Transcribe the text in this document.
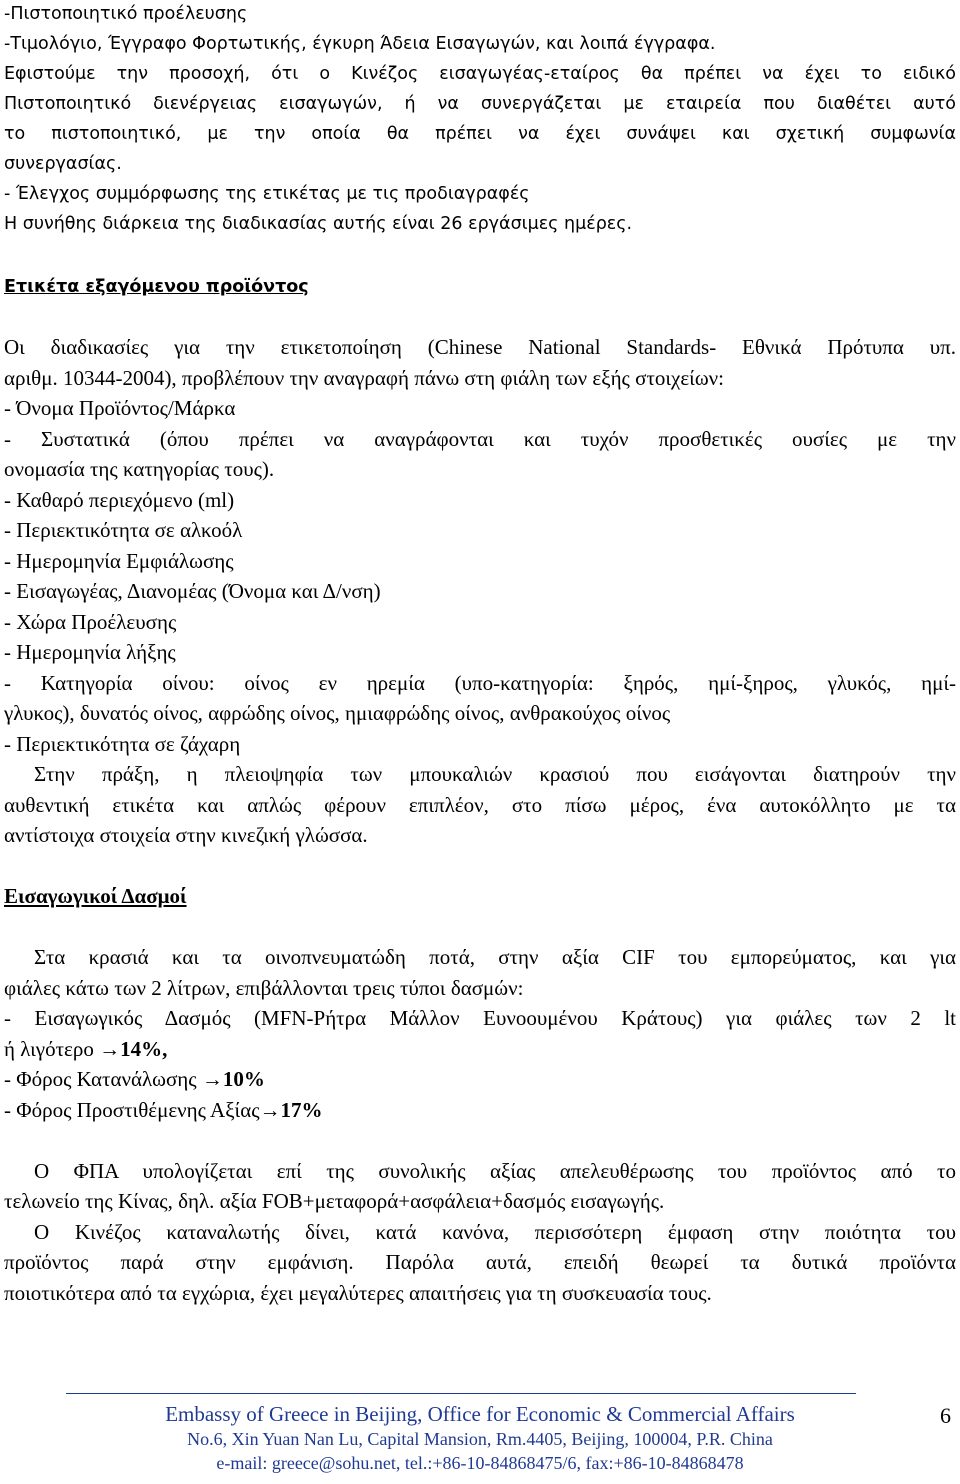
-Πιστοποιητικό προέλευσης
-Τιμολόγιο, Έγγραφο Φορτωτικής, έγκυρη Άδεια Εισαγωγών, και λοιπά έγγραφα.
Εφιστούμε την προσοχή, ότι ο Κινέζος εισαγωγέας-εταίρος θα πρέπει να έχει το ειδικό
Πιστοποιητικό διενέργειας εισαγωγών, ή να συνεργάζεται με εταιρεία που διαθέτει αυτό
το πιστοποιητικό, με την οποία θα πρέπει να έχει συνάψει και σχετική συμφωνία
συνεργασίας.
- Έλεγχος συμμόρφωσης της ετικέτας με τις προδιαγραφές
Η συνήθης διάρκεια της διαδικασίας αυτής είναι 26 εργάσιμες ημέρες.
Ετικέτα εξαγόμενου προϊόντος
Οι διαδικασίες για την ετικετοποίηση (Chinese National Standards- Εθνικά Πρότυπα υπ.
αριθμ. 10344-2004), προβλέπουν την αναγραφή πάνω στη φιάλη των εξής στοιχείων:
- Όνομα Προϊόντος/Μάρκα
- Συστατικά (όπου πρέπει να αναγράφονται και τυχόν προσθετικές ουσίες με την
ονομασία της κατηγορίας τους).
- Καθαρό περιεχόμενο (ml)
- Περιεκτικότητα σε αλκοόλ
- Ημερομηνία Εμφιάλωσης
- Εισαγωγέας, Διανομέας (Όνομα και Δ/νση)
- Χώρα Προέλευσης
- Ημερομηνία λήξης
- Κατηγορία οίνου: οίνος εν ηρεμία (υπο-κατηγορία: ξηρός, ημί-ξηρος, γλυκός, ημί-
γλυκος), δυνατός οίνος, αφρώδης οίνος, ημιαφρώδης οίνος, ανθρακούχος οίνος
- Περιεκτικότητα σε ζάχαρη
Στην πράξη, η πλειοψηφία των μπουκαλιών κρασιού που εισάγονται διατηρούν την
αυθεντική ετικέτα και απλώς φέρουν επιπλέον, στο πίσω μέρος, ένα αυτοκόλλητο με τα
αντίστοιχα στοιχεία στην κινεζική γλώσσα.
Εισαγωγικοί Δασμοί
Στα κρασιά και τα οινοπνευματώδη ποτά, στην αξία CIF του εμπορεύματος, και για
φιάλες κάτω των 2 λίτρων, επιβάλλονται τρεις τύποι δασμών:
- Εισαγωγικός Δασμός (MFN-Ρήτρα Μάλλον Ευνοουμένου Κράτους) για φιάλες των 2 lt
ή λιγότερο →14%,
- Φόρος Κατανάλωσης →10%
- Φόρος Προστιθέμενης Αξίας→17%
Ο ΦΠΑ υπολογίζεται επί της συνολικής αξίας απελευθέρωσης του προϊόντος από το
τελωνείο της Κίνας, δηλ. αξία FOB+μεταφορά+ασφάλεια+δασμός εισαγωγής.
Ο Κινέζος καταναλωτής δίνει, κατά κανόνα, περισσότερη έμφαση στην ποιότητα του
προϊόντος παρά στην εμφάνιση. Παρόλα αυτά, επειδή θεωρεί τα δυτικά προϊόντα
ποιοτικότερα από τα εγχώρια, έχει μεγαλύτερες απαιτήσεις για τη συσκευασία τους.
6
Embassy of Greece in Beijing, Office for Economic & Commercial Affairs
No.6, Xin Yuan Nan Lu, Capital Mansion, Rm.4405, Beijing, 100004, P.R. China
e-mail: greece@sohu.net, tel.:+86-10-84868475/6, fax:+86-10-84868478
